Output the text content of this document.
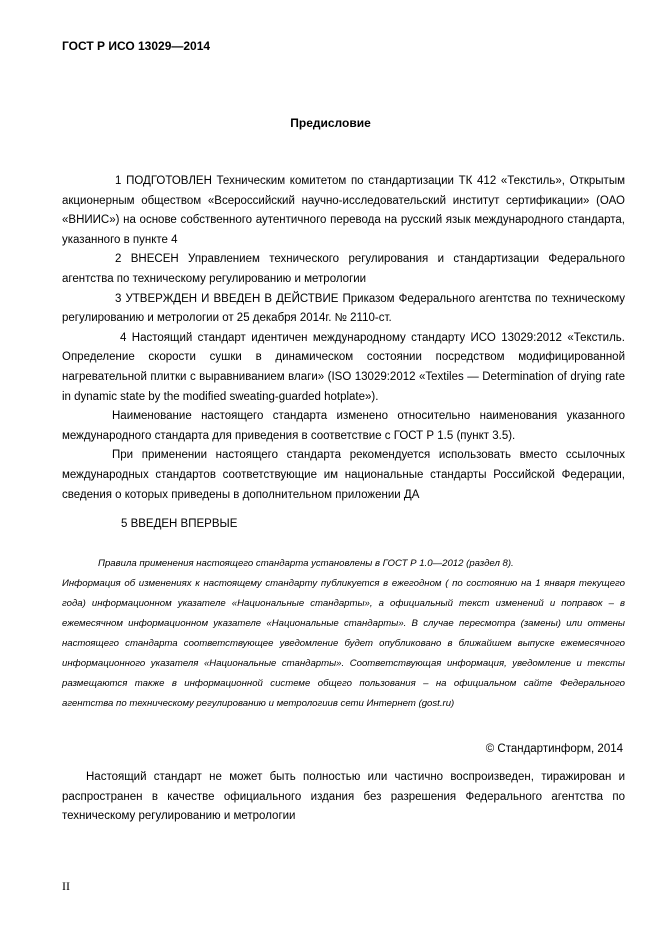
ГОСТ Р ИСО 13029—2014
Предисловие

1 ПОДГОТОВЛЕН Техническим комитетом по стандартизации ТК 412 «Текстиль», Открытым акционерным обществом «Всероссийский научно-исследовательский институт сертификации» (ОАО «ВНИИС») на основе собственного аутентичного перевода на русский язык международного стандарта, указанного в пункте 4

2 ВНЕСЕН Управлением технического регулирования и стандартизации Федерального агентства по техническому регулированию и метрологии

3 УТВЕРЖДЕН И ВВЕДЕН В ДЕЙСТВИЕ Приказом Федерального агентства по техническому регулированию и метрологии от 25 декабря 2014г. № 2110-ст.

4 Настоящий стандарт идентичен международному стандарту ИСО 13029:2012 «Текстиль. Определение скорости сушки в динамическом состоянии посредством модифицированной нагревательной плитки с выравниванием влаги» (ISO 13029:2012 «Textiles — Determination of drying rate in dynamic state by the modified sweating-guarded hotplate»).

Наименование настоящего стандарта изменено относительно наименования указанного международного стандарта для приведения в соответствие с ГОСТ Р 1.5 (пункт 3.5).

При применении настоящего стандарта рекомендуется использовать вместо ссылочных международных стандартов соответствующие им национальные стандарты Российской Федерации, сведения о которых приведены в дополнительном приложении ДА

5 ВВЕДЕН ВПЕРВЫЕ

Правила применения настоящего стандарта установлены в ГОСТ Р 1.0—2012 (раздел 8).

Информация об изменениях к настоящему стандарту публикуется в ежегодном ( по состоянию на 1 января текущего года) информационном указателе «Национальные стандарты», а официальный текст изменений и поправок – в ежемесячном информационном указателе «Национальные стандарты». В случае пересмотра (замены) или отмены настоящего стандарта соответствующее уведомление будет опубликовано в ближайшем выпуске ежемесячного информационного указателя «Национальные стандарты». Соответствующая информация, уведомление и тексты размещаются также в информационной системе общего пользования – на официальном сайте Федерального агентства по техническому регулированию и метрологиив сети Интернет (gost.ru)

© Стандартинформ, 2014

Настоящий стандарт не может быть полностью или частично воспроизведен, тиражирован и распространен в качестве официального издания без разрешения Федерального агентства по техническому регулированию и метрологии

II
